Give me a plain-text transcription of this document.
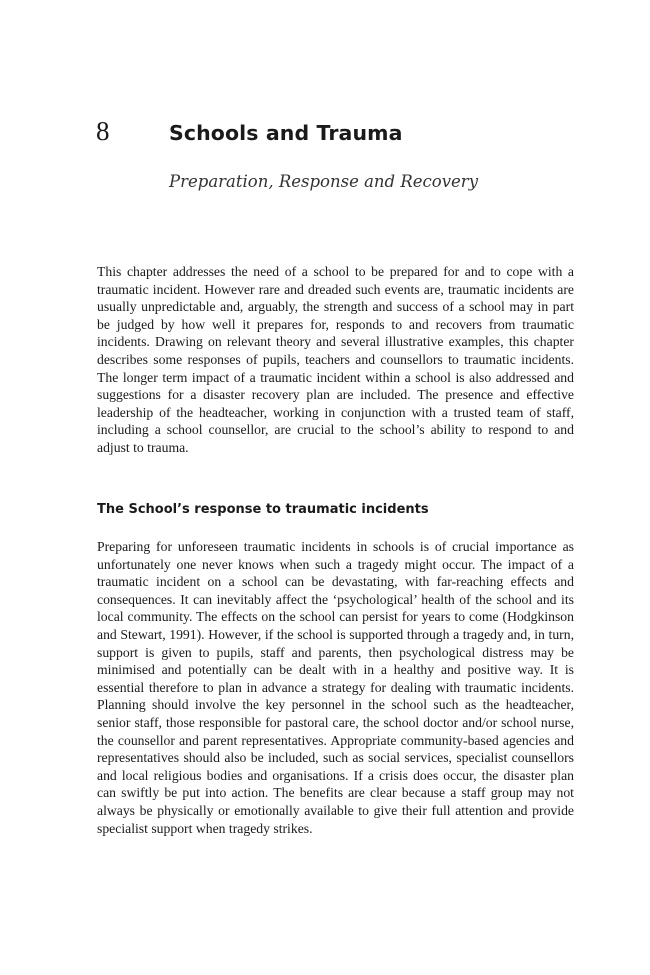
8	Schools and Trauma
Preparation, Response and Recovery

This chapter addresses the need of a school to be prepared for and to cope with a traumatic incident. However rare and dreaded such events are, traumatic incidents are usually unpredictable and, arguably, the strength and success of a school may in part be judged by how well it prepares for, responds to and recovers from traumatic incidents. Drawing on relevant theory and several illustrative examples, this chapter describes some responses of pupils, teachers and counsellors to traumatic incidents. The longer term impact of a traumatic incident within a school is also addressed and suggestions for a disaster recovery plan are included. The presence and effective leadership of the headteacher, working in conjunction with a trusted team of staff, including a school counsellor, are crucial to the school’s ability to respond to and adjust to trauma.

The School’s response to traumatic incidents

Preparing for unforeseen traumatic incidents in schools is of crucial importance as unfortunately one never knows when such a tragedy might occur. The impact of a traumatic incident on a school can be devastating, with far-reaching effects and consequences. It can inevitably affect the ‘psychological’ health of the school and its local community. The effects on the school can persist for years to come (Hodgkinson and Stewart, 1991). However, if the school is supported through a tragedy and, in turn, support is given to pupils, staff and parents, then psychological distress may be minimised and potentially can be dealt with in a healthy and positive way. It is essential therefore to plan in advance a strategy for dealing with traumatic incidents. Planning should involve the key personnel in the school such as the headteacher, senior staff, those responsible for pastoral care, the school doctor and/or school nurse, the counsellor and parent representatives. Appropriate community-based agencies and representatives should also be included, such as social services, specialist counsellors and local religious bodies and organisations. If a crisis does occur, the disaster plan can swiftly be put into action. The benefits are clear because a staff group may not always be physically or emotionally available to give their full attention and provide specialist support when tragedy strikes.
